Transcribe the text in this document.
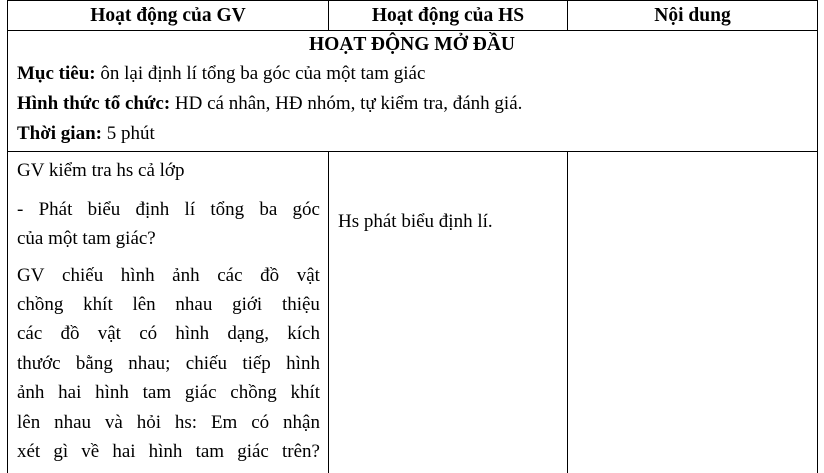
Hoạt động của GV	Hoạt động của HS	Nội dung
HOẠT ĐỘNG MỞ ĐẦU
Mục tiêu: ôn lại định lí tổng ba góc của một tam giác
Hình thức tổ chức: HD cá nhân, HĐ nhóm, tự kiểm tra, đánh giá.
Thời gian: 5 phút
GV kiểm tra hs cả lớp
- Phát biểu định lí tổng ba góc
của một tam giác?
GV chiếu hình ảnh các đồ vật
chồng khít lên nhau giới thiệu
các đồ vật có hình dạng, kích
thước bằng nhau; chiếu tiếp hình
ảnh hai hình tam giác chồng khít
lên nhau và hỏi hs: Em có nhận
xét gì về hai hình tam giác trên?
Hs phát biểu định lí.
